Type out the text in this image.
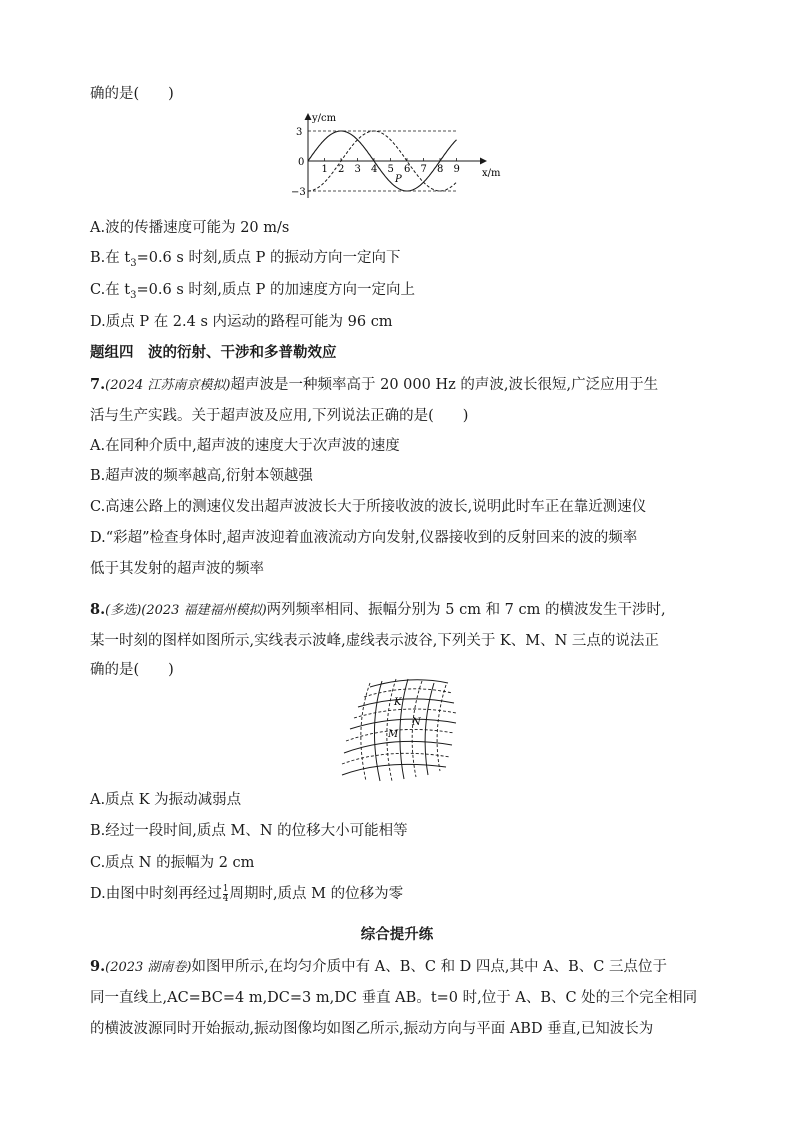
确的是(　　)
y/cm
x/m
3
0
−3
1 2 3 4 5 6 7 8 9
P
A.波的传播速度可能为 20 m/s
B.在 $t_3=0.6$ s 时刻,质点 P 的振动方向一定向下
C.在 $t_3=0.6$ s 时刻,质点 P 的加速度方向一定向上
D.质点 P 在 2.4 s 内运动的路程可能为 96 cm
题组四　波的衍射、干涉和多普勒效应
7.(2024 江苏南京模拟)超声波是一种频率高于 20 000 Hz 的声波,波长很短,广泛应用于生
活与生产实践。关于超声波及应用,下列说法正确的是(　　)
A.在同种介质中,超声波的速度大于次声波的速度
B.超声波的频率越高,衍射本领越强
C.高速公路上的测速仪发出超声波波长大于所接收波的波长,说明此时车正在靠近测速仪
D.“彩超”检查身体时,超声波迎着血液流动方向发射,仪器接收到的反射回来的波的频率
低于其发射的超声波的频率
8.(多选)(2023 福建福州模拟)两列频率相同、振幅分别为 5 cm 和 7 cm 的横波发生干涉时,
某一时刻的图样如图所示,实线表示波峰,虚线表示波谷,下列关于 K、M、N 三点的说法正
确的是(　　)
K
N
M
A.质点 K 为振动减弱点
B.经过一段时间,质点 M、N 的位移大小可能相等
C.质点 N 的振幅为 2 cm
D.由图中时刻再经过 $\frac{1}{4}$ 周期时,质点 M 的位移为零
综合提升练
9.(2023 湖南卷)如图甲所示,在均匀介质中有 A、B、C 和 D 四点,其中 A、B、C 三点位于
同一直线上,AC=BC=4 m,DC=3 m,DC 垂直 AB。t=0 时,位于 A、B、C 处的三个完全相同
的横波波源同时开始振动,振动图像均如图乙所示,振动方向与平面 ABD 垂直,已知波长为
